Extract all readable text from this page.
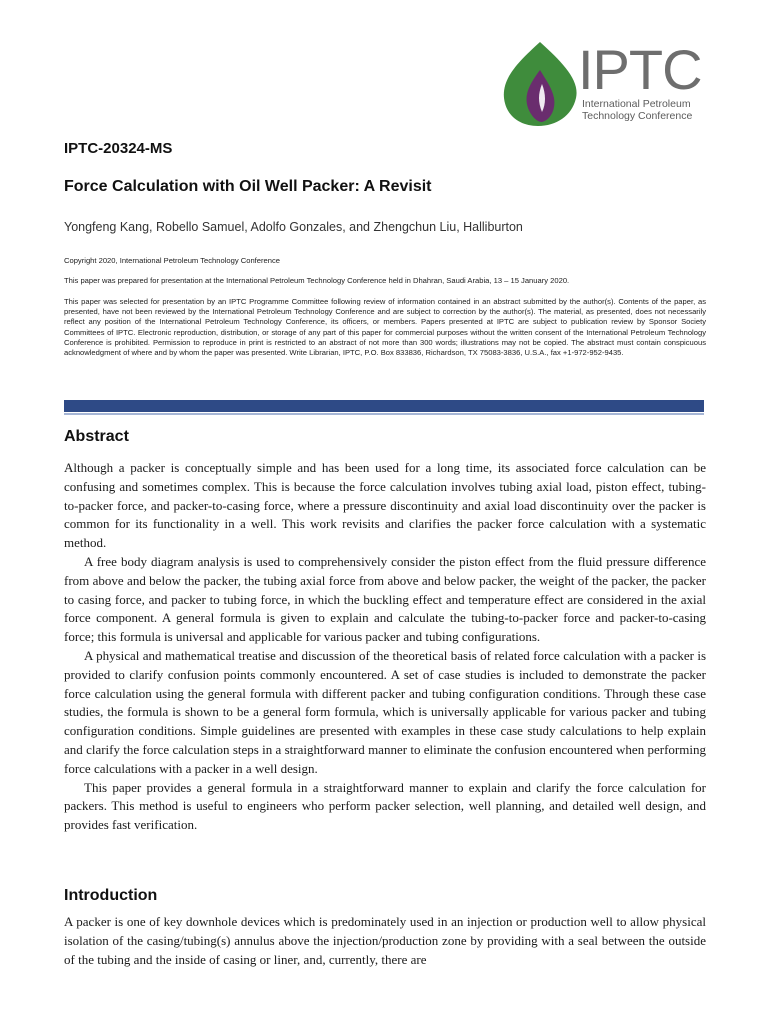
IPTC
International Petroleum
Technology Conference
IPTC-20324-MS
Force Calculation with Oil Well Packer: A Revisit
Yongfeng Kang, Robello Samuel, Adolfo Gonzales, and Zhengchun Liu, Halliburton
Copyright 2020, International Petroleum Technology Conference
This paper was prepared for presentation at the International Petroleum Technology Conference held in Dhahran, Saudi Arabia, 13 – 15 January 2020.
This paper was selected for presentation by an IPTC Programme Committee following review of information contained in an abstract submitted by the author(s). Contents of the paper, as presented, have not been reviewed by the International Petroleum Technology Conference and are subject to correction by the author(s). The material, as presented, does not necessarily reflect any position of the International Petroleum Technology Conference, its officers, or members. Papers presented at IPTC are subject to publication review by Sponsor Society Committees of IPTC. Electronic reproduction, distribution, or storage of any part of this paper for commercial purposes without the written consent of the International Petroleum Technology Conference is prohibited. Permission to reproduce in print is restricted to an abstract of not more than 300 words; illustrations may not be copied. The abstract must contain conspicuous acknowledgment of where and by whom the paper was presented. Write Librarian, IPTC, P.O. Box 833836, Richardson, TX 75083-3836, U.S.A., fax +1-972-952-9435.
Abstract

Although a packer is conceptually simple and has been used for a long time, its associated force calculation can be confusing and sometimes complex. This is because the force calculation involves tubing axial load, piston effect, tubing-to-packer force, and packer-to-casing force, where a pressure discontinuity and axial load discontinuity over the packer is common for its functionality in a well. This work revisits and clarifies the packer force calculation with a systematic method.

A free body diagram analysis is used to comprehensively consider the piston effect from the fluid pressure difference from above and below the packer, the tubing axial force from above and below packer, the weight of the packer, the packer to casing force, and packer to tubing force, in which the buckling effect and temperature effect are considered in the axial force component. A general formula is given to explain and calculate the tubing-to-packer force and packer-to-casing force; this formula is universal and applicable for various packer and tubing configurations.

A physical and mathematical treatise and discussion of the theoretical basis of related force calculation with a packer is provided to clarify confusion points commonly encountered. A set of case studies is included to demonstrate the packer force calculation using the general formula with different packer and tubing configuration conditions. Through these case studies, the formula is shown to be a general form formula, which is universally applicable for various packer and tubing configuration conditions. Simple guidelines are presented with examples in these case study calculations to help explain and clarify the force calculation steps in a straightforward manner to eliminate the confusion encountered when performing force calculations with a packer in a well design.

This paper provides a general formula in a straightforward manner to explain and clarify the force calculation for packers. This method is useful to engineers who perform packer selection, well planning, and detailed well design, and provides fast verification.

Introduction

A packer is one of key downhole devices which is predominately used in an injection or production well to allow physical isolation of the casing/tubing(s) annulus above the injection/production zone by providing with a seal between the outside of the tubing and the inside of casing or liner, and, currently, there are
